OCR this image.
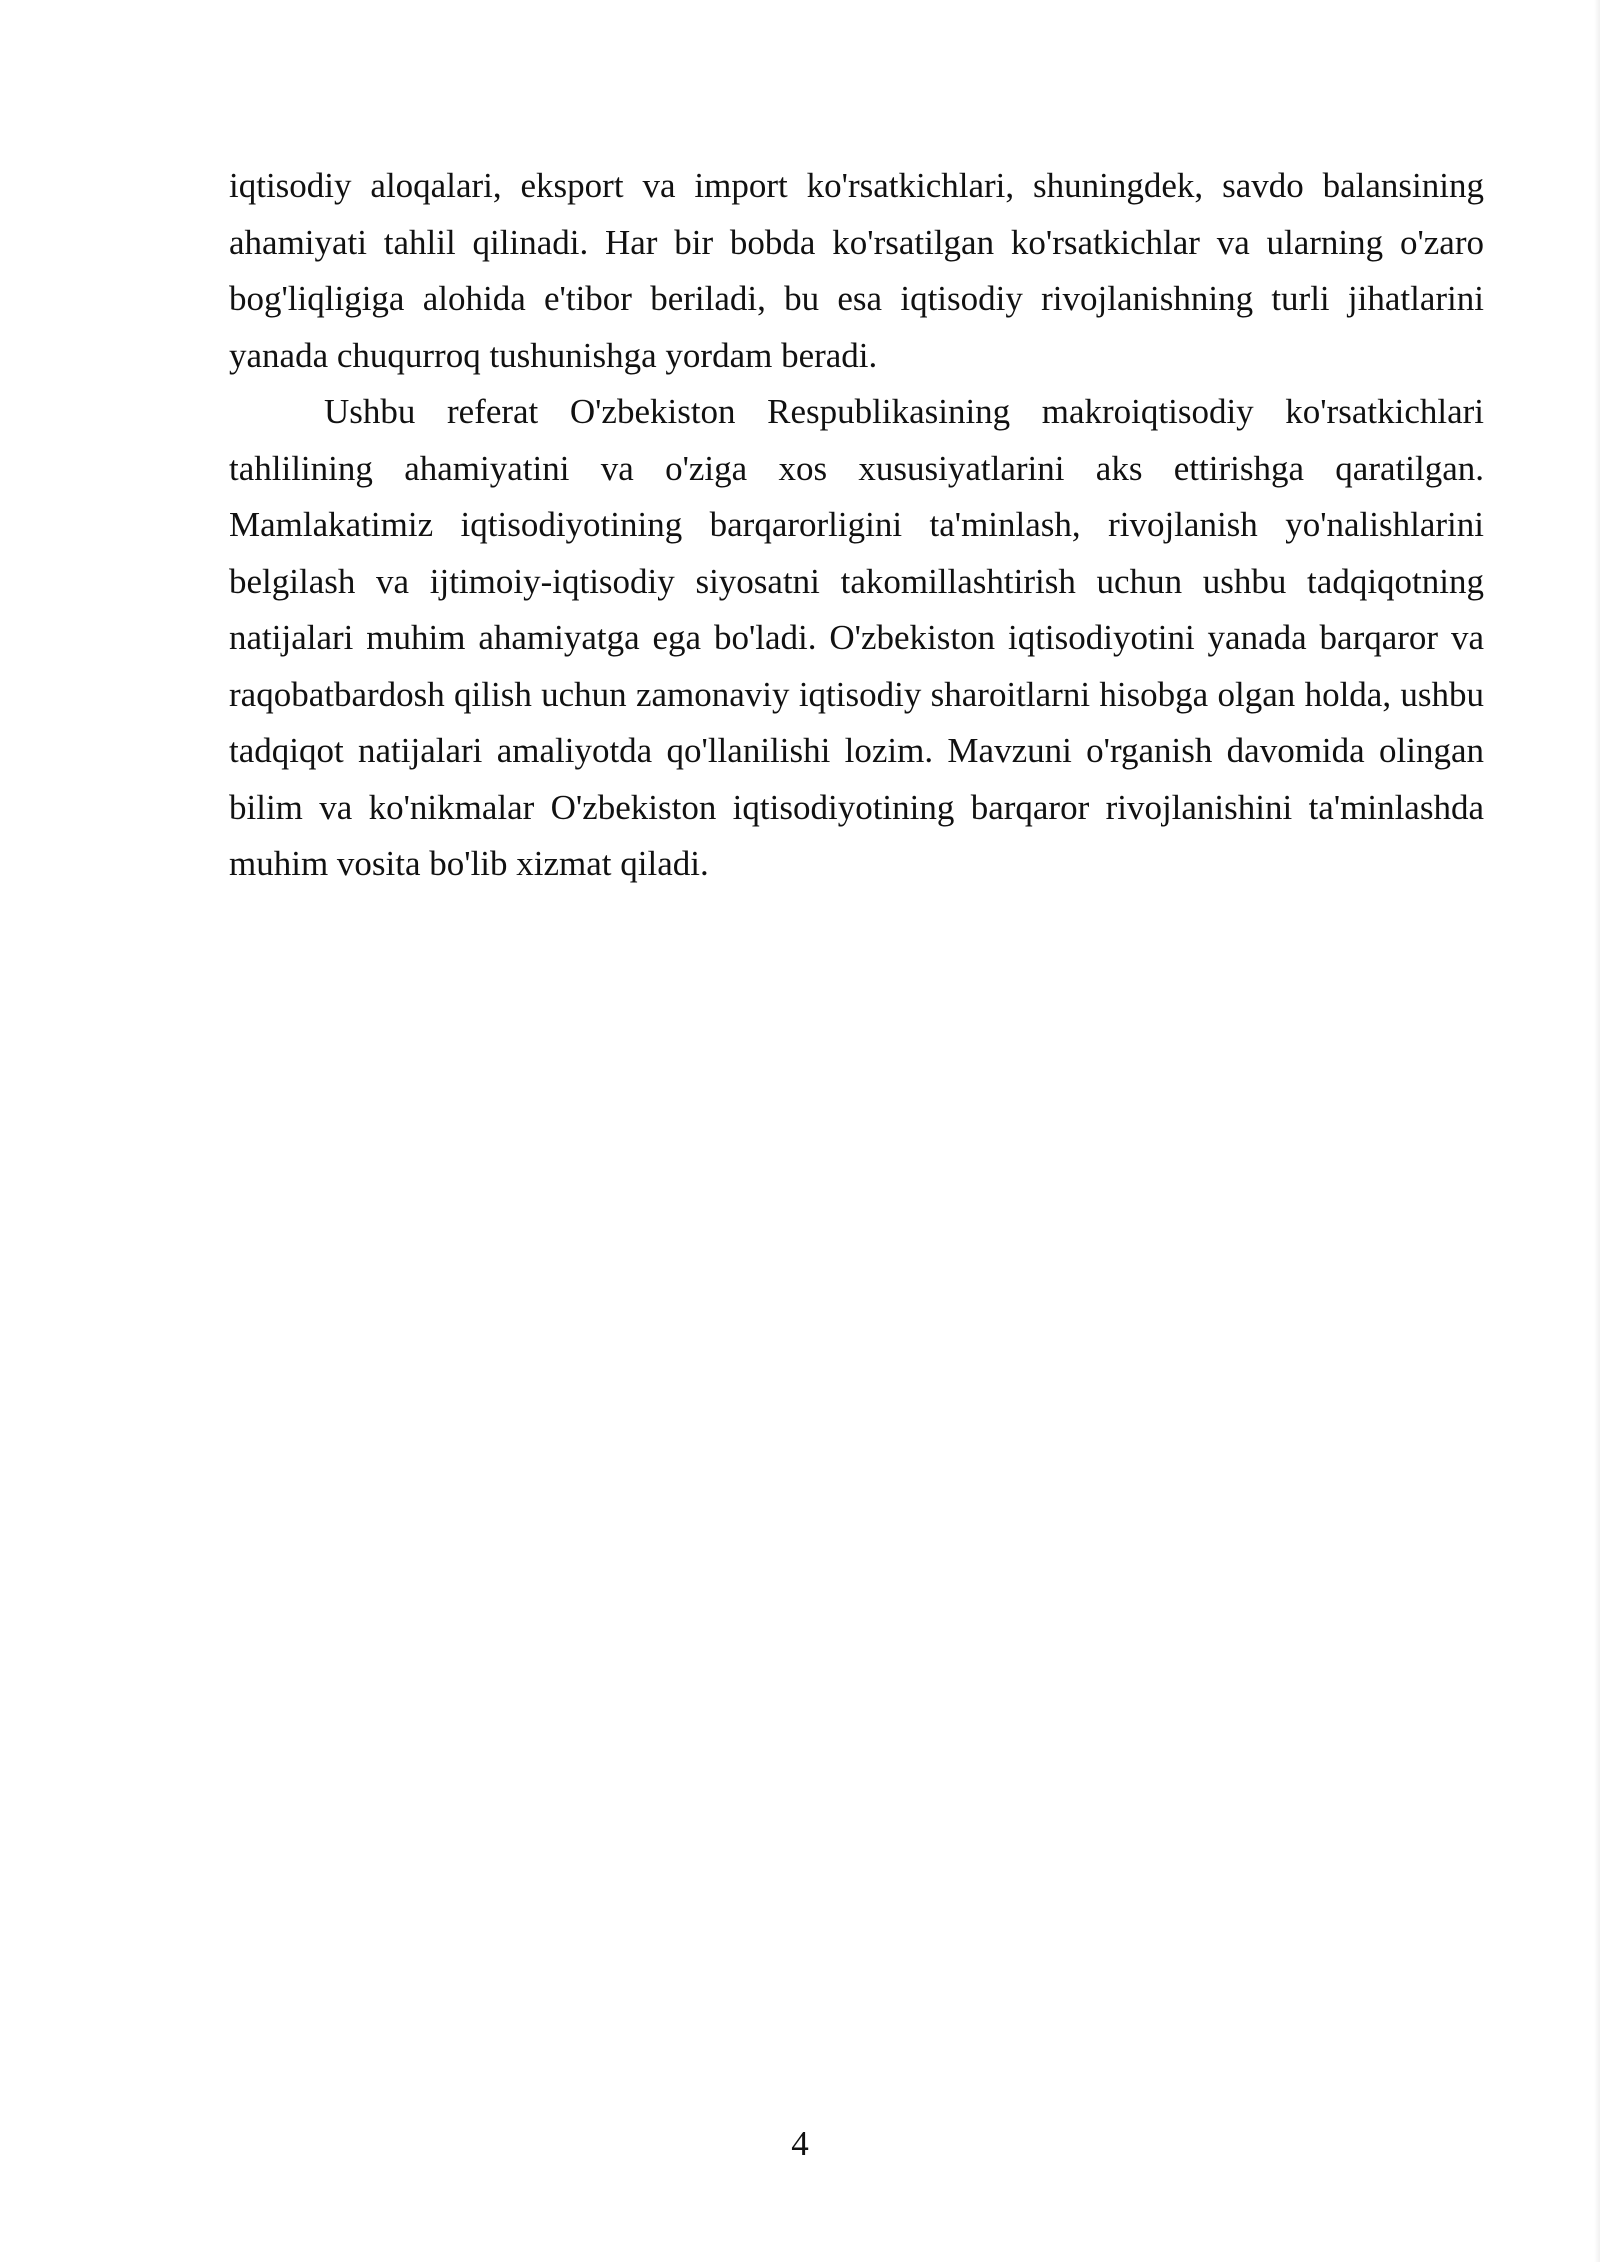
iqtisodiy aloqalari, eksport va import ko'rsatkichlari, shuningdek, savdo balansining ahamiyati tahlil qilinadi. Har bir bobda ko'rsatilgan ko'rsatkichlar va ularning o'zaro bog'liqligiga alohida e'tibor beriladi, bu esa iqtisodiy rivojlanishning turli jihatlarini yanada chuqurroq tushunishga yordam beradi.

Ushbu referat O'zbekiston Respublikasining makroiqtisodiy ko'rsatkichlari tahlilining ahamiyatini va o'ziga xos xususiyatlarini aks ettirishga qaratilgan. Mamlakatimiz iqtisodiyotining barqarorligini ta'minlash, rivojlanish yo'nalishlarini belgilash va ijtimoiy-iqtisodiy siyosatni takomillashtirish uchun ushbu tadqiqotning natijalari muhim ahamiyatga ega bo'ladi. O'zbekiston iqtisodiyotini yanada barqaror va raqobatbardosh qilish uchun zamonaviy iqtisodiy sharoitlarni hisobga olgan holda, ushbu tadqiqot natijalari amaliyotda qo'llanilishi lozim. Mavzuni o'rganish davomida olingan bilim va ko'nikmalar O'zbekiston iqtisodiyotining barqaror rivojlanishini ta'minlashda muhim vosita bo'lib xizmat qiladi.

4
